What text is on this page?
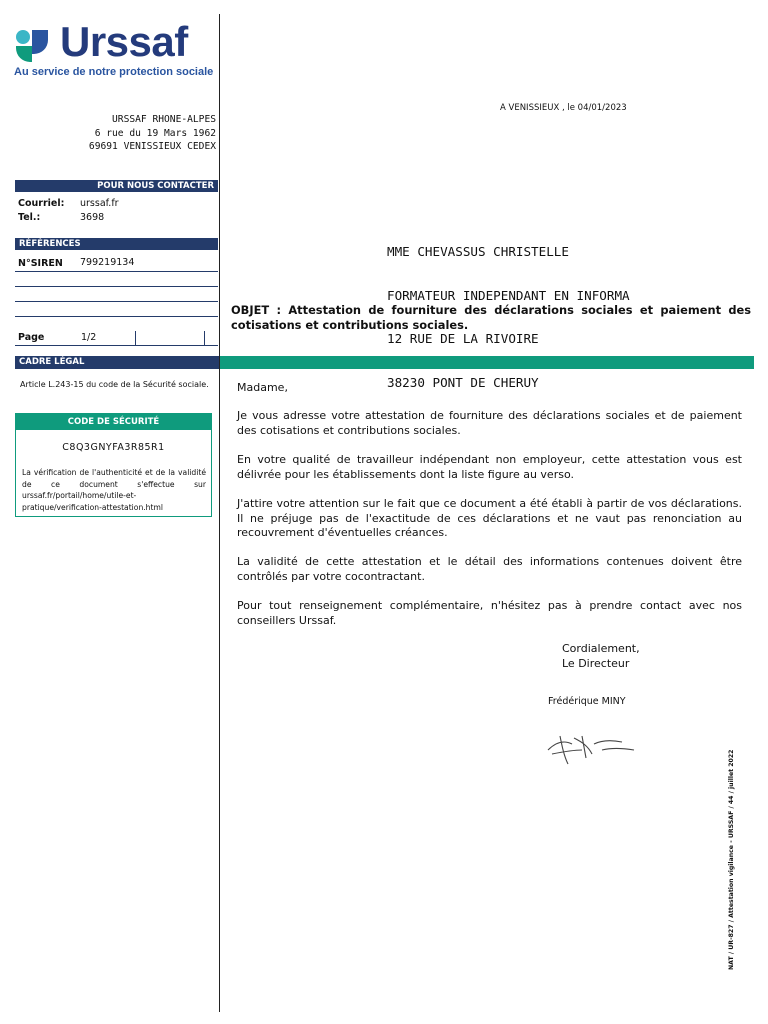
Urssaf
Au service de notre protection sociale
URSSAF RHONE-ALPES
6 rue du 19 Mars 1962
69691 VENISSIEUX CEDEX
A VENISSIEUX , le 04/01/2023
POUR NOUS CONTACTER
Courriel: urssaf.fr
Tel.:	3698
RÉFÉRENCES
N°SIREN 799219134
Page	1/2

MME CHEVASSUS CHRISTELLE

FORMATEUR INDEPENDANT EN INFORMA

12 RUE DE LA RIVOIRE

38230 PONT DE CHERUY

OBJET : Attestation de fourniture des déclarations sociales et paiement des cotisations et contributions sociales.
CADRE LÉGAL
Article L.243-15 du code de la Sécurité sociale.
CODE DE SÉCURITÉ
C8Q3GNYFA3R85R1
La vérification de l'authenticité et de la validité de ce document s'effectue sur urssaf.fr/portail/home/utile-et-pratique/verification-attestation.html
Madame,
Je vous adresse votre attestation de fourniture des déclarations sociales et de paiement des cotisations et contributions sociales.
En votre qualité de travailleur indépendant non employeur, cette attestation vous est délivrée pour les établissements dont la liste figure au verso.
J'attire votre attention sur le fait que ce document a été établi à partir de vos déclarations. Il ne préjuge pas de l'exactitude de ces déclarations et ne vaut pas renonciation au recouvrement d'éventuelles créances.
La validité de cette attestation et le détail des informations contenues doivent être contrôlés par votre cocontractant.
Pour tout renseignement complémentaire, n'hésitez pas à prendre contact avec nos conseillers Urssaf.
Cordialement,
Le Directeur
Frédérique MINY
NAT / UR-827 / Attestation vigilance - URSSAF / 44 / juillet 2022
